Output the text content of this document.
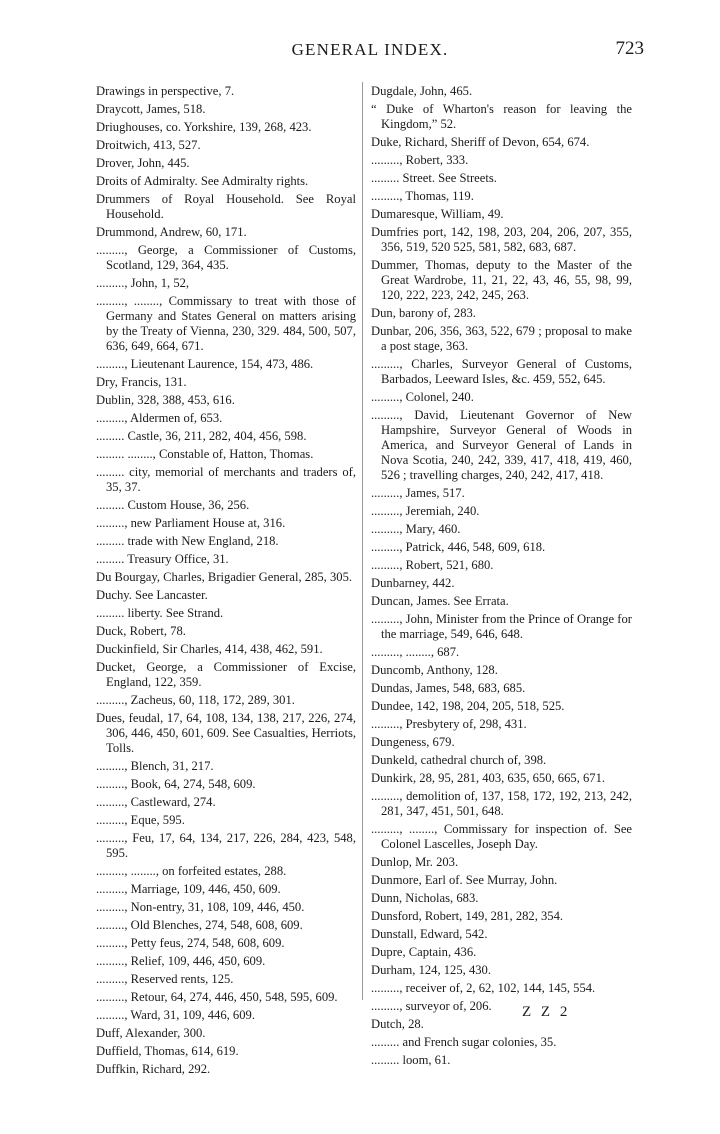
GENERAL INDEX.	723
Drawings in perspective, 7.
Draycott, James, 518.
Driughouses, co. Yorkshire, 139, 268, 423.
Droitwich, 413, 527.
Drover, John, 445.
Droits of Admiralty. See Admiralty rights.
Drummers of Royal Household. See Royal Household.
Drummond, Andrew, 60, 171.
........., George, a Commissioner of Customs, Scotland, 129, 364, 435.
........., John, 1, 52,
........., ........, Commissary to treat with those of Germany and States General on matters arising by the Treaty of Vienna, 230, 329. 484, 500, 507, 636, 649, 664, 671.
........., Lieutenant Laurence, 154, 473, 486.
Dry, Francis, 131.
Dublin, 328, 388, 453, 616.
........., Aldermen of, 653.
......... Castle, 36, 211, 282, 404, 456, 598.
......... ........, Constable of, Hatton, Thomas.
......... city, memorial of merchants and traders of, 35, 37.
......... Custom House, 36, 256.
........., new Parliament House at, 316.
......... trade with New England, 218.
......... Treasury Office, 31.
Du Bourgay, Charles, Brigadier General, 285, 305.
Duchy. See Lancaster.
......... liberty. See Strand.
Duck, Robert, 78.
Duckinfield, Sir Charles, 414, 438, 462, 591.
Ducket, George, a Commissioner of Excise, England, 122, 359.
........., Zacheus, 60, 118, 172, 289, 301.
Dues, feudal, 17, 64, 108, 134, 138, 217, 226, 274, 306, 446, 450, 601, 609. See Casualties, Herriots, Tolls.
........., Blench, 31, 217.
........., Book, 64, 274, 548, 609.
........., Castleward, 274.
........., Eque, 595.
........., Feu, 17, 64, 134, 217, 226, 284, 423, 548, 595.
........., ........, on forfeited estates, 288.
........., Marriage, 109, 446, 450, 609.
........., Non-entry, 31, 108, 109, 446, 450.
........., Old Blenches, 274, 548, 608, 609.
........., Petty feus, 274, 548, 608, 609.
........., Relief, 109, 446, 450, 609.
........., Reserved rents, 125.
........., Retour, 64, 274, 446, 450, 548, 595, 609.
........., Ward, 31, 109, 446, 609.
Duff, Alexander, 300.
Duffield, Thomas, 614, 619.
Duffkin, Richard, 292.
Dugdale, John, 465.
“ Duke of Wharton's reason for leaving the Kingdom,” 52.
Duke, Richard, Sheriff of Devon, 654, 674.
........., Robert, 333.
......... Street. See Streets.
........., Thomas, 119.
Dumaresque, William, 49.
Dumfries port, 142, 198, 203, 204, 206, 207, 355, 356, 519, 520 525, 581, 582, 683, 687.
Dummer, Thomas, deputy to the Master of the Great Wardrobe, 11, 21, 22, 43, 46, 55, 98, 99, 120, 222, 223, 242, 245, 263.
Dun, barony of, 283.
Dunbar, 206, 356, 363, 522, 679 ; proposal to make a post stage, 363.
........., Charles, Surveyor General of Customs, Barbados, Leeward Isles, &c. 459, 552, 645.
........., Colonel, 240.
........., David, Lieutenant Governor of New Hampshire, Surveyor General of Woods in America, and Surveyor General of Lands in Nova Scotia, 240, 242, 339, 417, 418, 419, 460, 526 ; travelling charges, 240, 242, 417, 418.
........., James, 517.
........., Jeremiah, 240.
........., Mary, 460.
........., Patrick, 446, 548, 609, 618.
........., Robert, 521, 680.
Dunbarney, 442.
Duncan, James. See Errata.
........., John, Minister from the Prince of Orange for the marriage, 549, 646, 648.
........., ........, 687.
Duncomb, Anthony, 128.
Dundas, James, 548, 683, 685.
Dundee, 142, 198, 204, 205, 518, 525.
........., Presbytery of, 298, 431.
Dungeness, 679.
Dunkeld, cathedral church of, 398.
Dunkirk, 28, 95, 281, 403, 635, 650, 665, 671.
........., demolition of, 137, 158, 172, 192, 213, 242, 281, 347, 451, 501, 648.
........., ........, Commissary for inspection of. See Colonel Lascelles, Joseph Day.
Dunlop, Mr. 203.
Dunmore, Earl of. See Murray, John.
Dunn, Nicholas, 683.
Dunsford, Robert, 149, 281, 282, 354.
Dunstall, Edward, 542.
Dupre, Captain, 436.
Durham, 124, 125, 430.
........., receiver of, 2, 62, 102, 144, 145, 554.
........., surveyor of, 206.
Dutch, 28.
......... and French sugar colonies, 35.
......... loom, 61.
Z Z 2
